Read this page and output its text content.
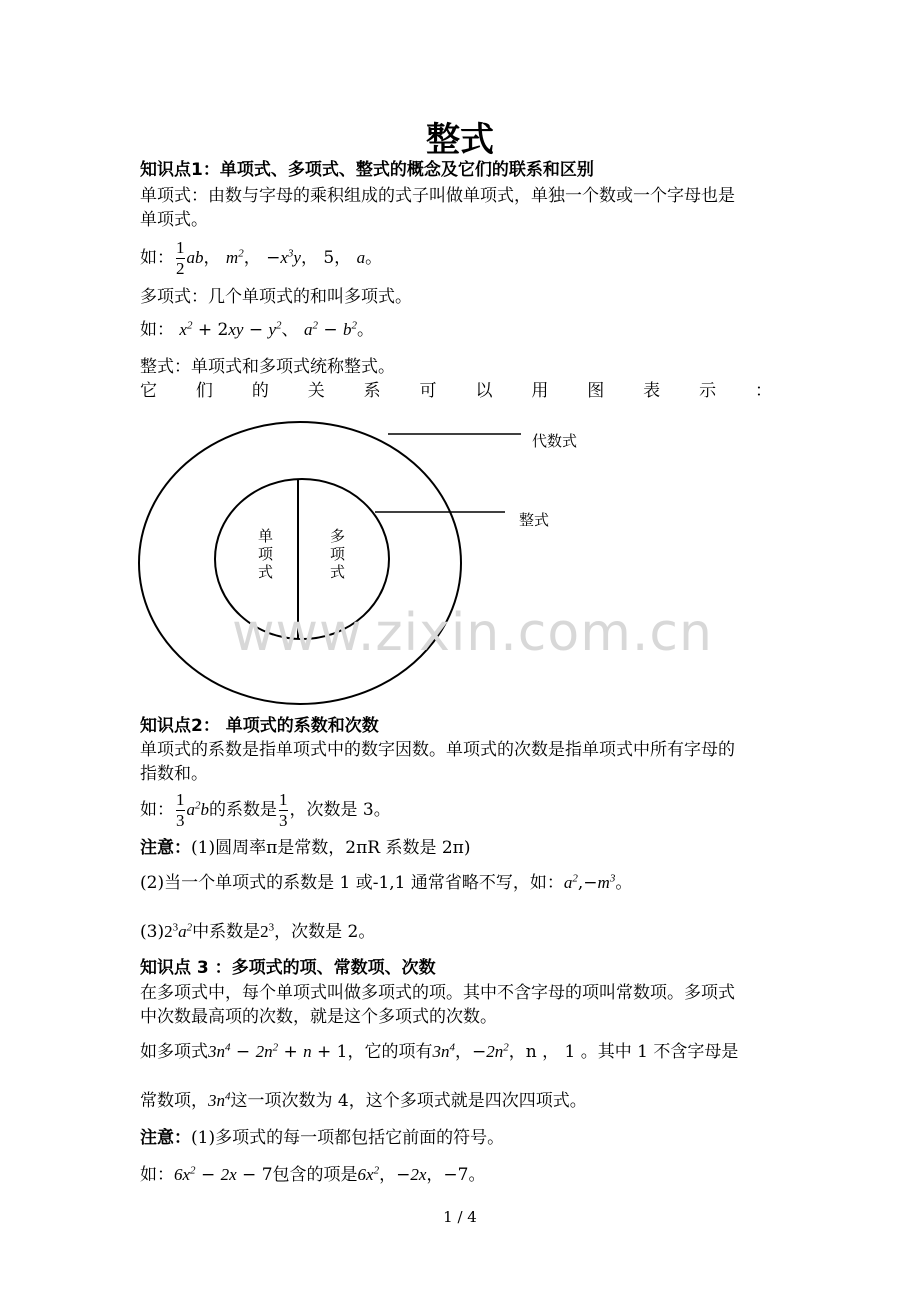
整式
知识点1：单项式、多项式、整式的概念及它们的联系和区别
单项式：由数与字母的乘积组成的式子叫做单项式，单独一个数或一个字母也是
单项式。
如： $\frac{1}{2}$ ab， $m^2$， $-x^3y$， 5， a。
多项式：几个单项式的和叫多项式。
如： $x^2 + 2xy - y^2$、 $a^2 - b^2$。
整式：单项式和多项式统称整式。
它 们 的 关 系 可 以 用 图 表 示 ：
代数式
整式
单
项
式
多
项
式
www.zixin.com.cn
知识点2： 单项式的系数和次数
单项式的系数是指单项式中的数字因数。单项式的次数是指单项式中所有字母的
指数和。
如： $\frac{1}{3} a^2b$的系数是 $\frac{1}{3}$ ，次数是 3。
注意：(1)圆周率π是常数，2πR 系数是 2π)
(2)当一个单项式的系数是 1 或-1,1 通常省略不写，如：$a^2,-m^3$。
$(3)2^3a^2$中系数是$2^3$，次数是 2。
知识点 3 ：多项式的项、常数项、次数
在多项式中，每个单项式叫做多项式的项。其中不含字母的项叫常数项。多项式
中次数最高项的次数，就是这个多项式的次数。
如多项式$3n^4 - 2n^2 + n + 1$，它的项有$3n^4$，$-2n^2$，n ， 1 。其中 1 不含字母是
常数项，$3n^4$这一项次数为 4，这个多项式就是四次四项式。
注意：(1)多项式的每一项都包括它前面的符号。
如：$6x^2 - 2x - 7$包含的项是$6x^2$，−2x，−7。
1 / 4
